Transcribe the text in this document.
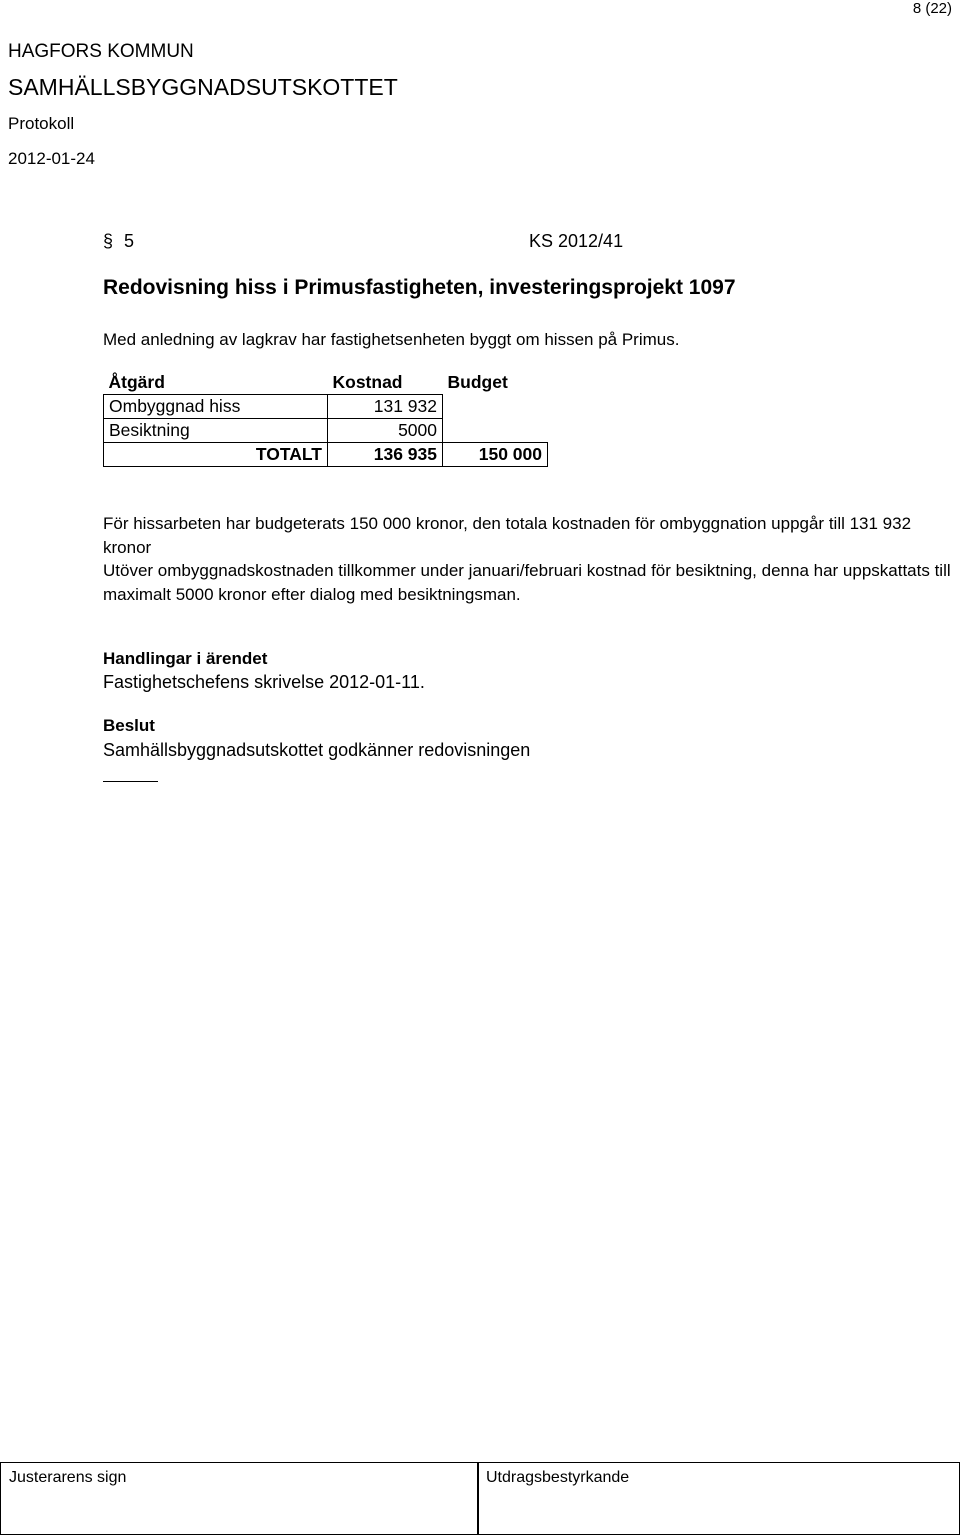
8 (22)
HAGFORS KOMMUN
SAMHÄLLSBYGGNADSUTSKOTTET
Protokoll
2012-01-24
§ 5	KS 2012/41
Redovisning hiss i Primusfastigheten, investeringsprojekt 1097
Med anledning av lagkrav har fastighetsenheten byggt om hissen på Primus.
Åtgärd	Kostnad	Budget
Ombyggnad hiss	131 932	
Besiktning	5000	
TOTALT	136 935	150 000

För hissarbeten har budgeterats 150 000 kronor, den totala kostnaden för ombyggnation uppgår till 131 932 kronor

Utöver ombyggnadskostnaden tillkommer under januari/februari kostnad för besiktning, denna har uppskattats till maximalt 5000 kronor efter dialog med besiktningsman.

Handlingar i ärendet
Fastighetschefens skrivelse 2012-01-11.
Beslut
Samhällsbyggnadsutskottet godkänner redovisningen
Justerarens sign	Utdragsbestyrkande
